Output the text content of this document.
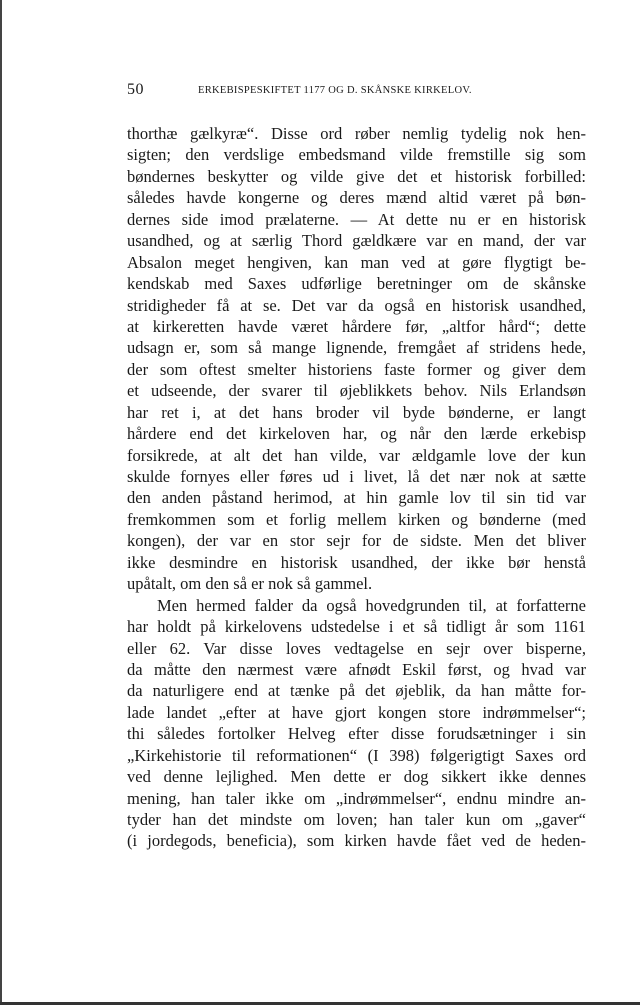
50	ERKEBISPESKIFTET 1177 OG D. SKÅNSKE KIRKELOV.
thorthæ gælkyræ“. Disse ord røber nemlig tydelig nok hen-
sigten; den verdslige embedsmand vilde fremstille sig som
bøndernes beskytter og vilde give det et historisk forbilled:
således havde kongerne og deres mænd altid været på bøn-
dernes side imod prælaterne. — At dette nu er en historisk
usandhed, og at særlig Thord gældkære var en mand, der var
Absalon meget hengiven, kan man ved at gøre flygtigt be-
kendskab med Saxes udførlige beretninger om de skånske
stridigheder få at se. Det var da også en historisk usandhed,
at kirkeretten havde været hårdere før, „altfor hård“; dette
udsagn er, som så mange lignende, fremgået af stridens hede,
der som oftest smelter historiens faste former og giver dem
et udseende, der svarer til øjeblikkets behov. Nils Erlandsøn
har ret i, at det hans broder vil byde bønderne, er langt
hårdere end det kirkeloven har, og når den lærde erkebisp
forsikrede, at alt det han vilde, var ældgamle love der kun
skulde fornyes eller føres ud i livet, lå det nær nok at sætte
den anden påstand herimod, at hin gamle lov til sin tid var
fremkommen som et forlig mellem kirken og bønderne (med
kongen), der var en stor sejr for de sidste. Men det bliver
ikke desmindre en historisk usandhed, der ikke bør henstå
upåtalt, om den så er nok så gammel.
Men hermed falder da også hovedgrunden til, at forfatterne
har holdt på kirkelovens udstedelse i et så tidligt år som 1161
eller 62. Var disse loves vedtagelse en sejr over bisperne,
da måtte den nærmest være afnødt Eskil først, og hvad var
da naturligere end at tænke på det øjeblik, da han måtte for-
lade landet „efter at have gjort kongen store indrømmelser“;
thi således fortolker Helveg efter disse forudsætninger i sin
„Kirkehistorie til reformationen“ (I 398) følgerigtigt Saxes ord
ved denne lejlighed. Men dette er dog sikkert ikke dennes
mening, han taler ikke om „indrømmelser“, endnu mindre an-
tyder han det mindste om loven; han taler kun om „gaver“
(i jordegods, beneficia), som kirken havde fået ved de heden-
